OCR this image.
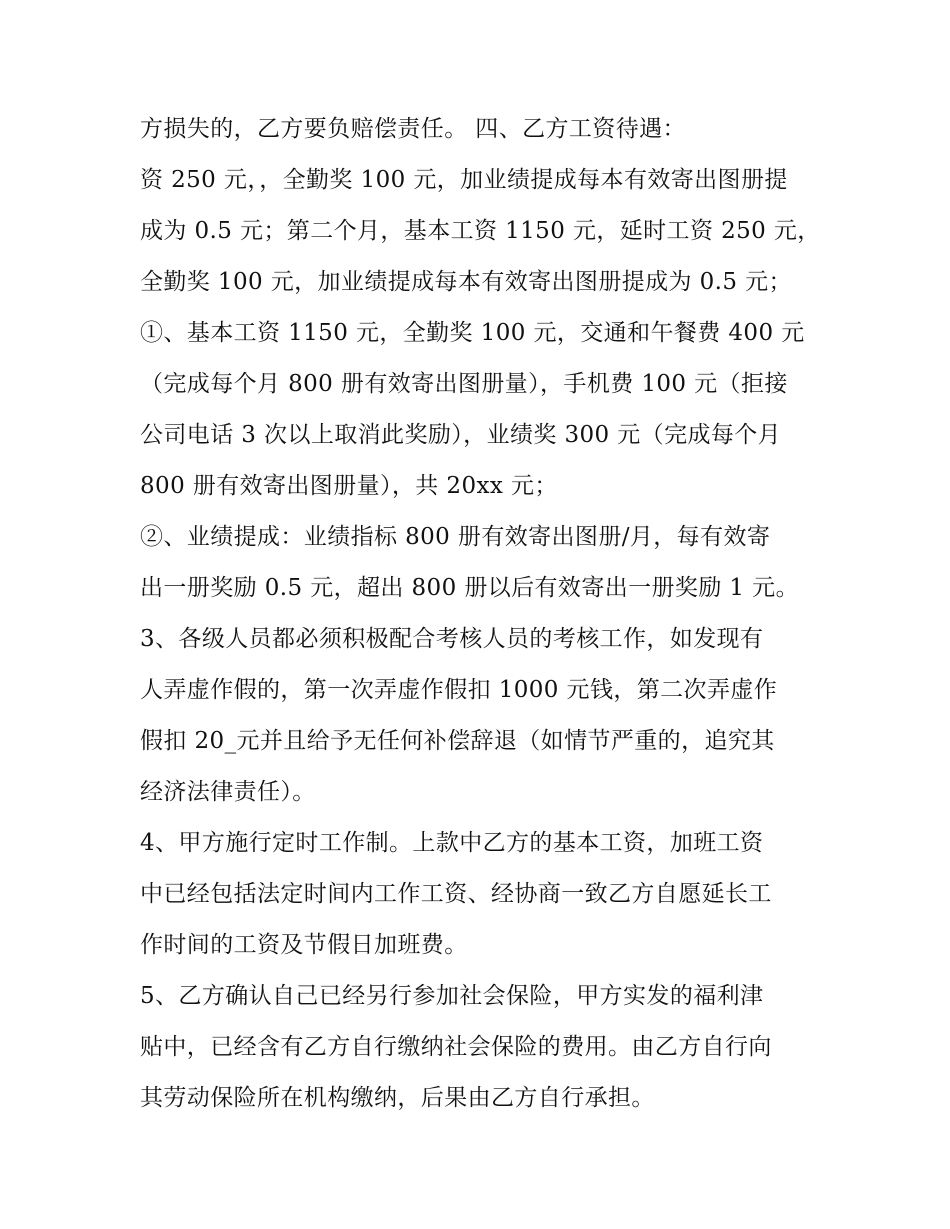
方损失的，乙方要负赔偿责任。 四、乙方工资待遇：
资 250 元，，全勤奖 100 元，加业绩提成每本有效寄出图册提
成为 0.5 元；第二个月，基本工资 1150 元，延时工资 250 元，
全勤奖 100 元，加业绩提成每本有效寄出图册提成为 0.5 元；
①、基本工资 1150 元，全勤奖 100 元，交通和午餐费 400 元
（完成每个月 800 册有效寄出图册量），手机费 100 元（拒接
公司电话 3 次以上取消此奖励），业绩奖 300 元（完成每个月
800 册有效寄出图册量），共 20xx 元；
②、业绩提成：业绩指标 800 册有效寄出图册/月，每有效寄
出一册奖励 0.5 元，超出 800 册以后有效寄出一册奖励 1 元。
3、各级人员都必须积极配合考核人员的考核工作，如发现有
人弄虚作假的，第一次弄虚作假扣 1000 元钱，第二次弄虚作
假扣 20_元并且给予无任何补偿辞退（如情节严重的，追究其
经济法律责任）。
4、甲方施行定时工作制。上款中乙方的基本工资，加班工资
中已经包括法定时间内工作工资、经协商一致乙方自愿延长工
作时间的工资及节假日加班费。
5、乙方确认自己已经另行参加社会保险，甲方实发的福利津
贴中，已经含有乙方自行缴纳社会保险的费用。由乙方自行向
其劳动保险所在机构缴纳，后果由乙方自行承担。
